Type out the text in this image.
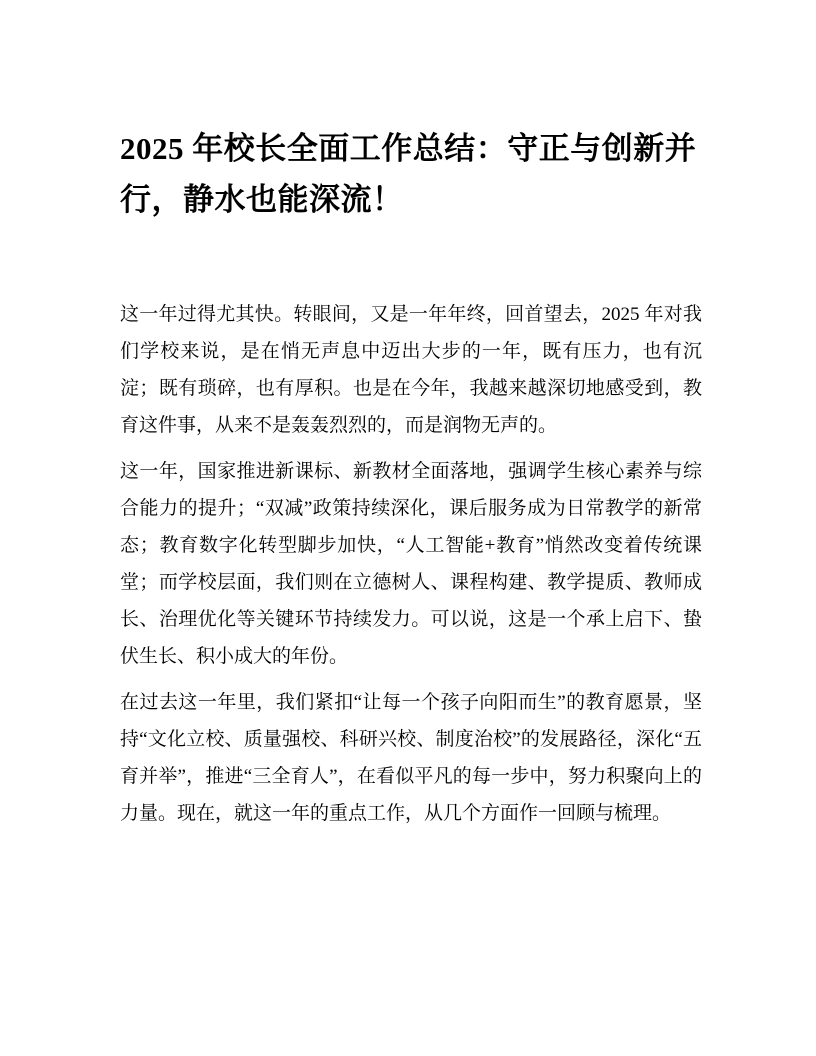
2025 年校长全面工作总结：守正与创新并行，静水也能深流！

这一年过得尤其快。转眼间，又是一年年终，回首望去，2025 年对我们学校来说，是在悄无声息中迈出大步的一年，既有压力，也有沉淀；既有琐碎，也有厚积。也是在今年，我越来越深切地感受到，教育这件事，从来不是轰轰烈烈的，而是润物无声的。

这一年，国家推进新课标、新教材全面落地，强调学生核心素养与综合能力的提升；“双减”政策持续深化，课后服务成为日常教学的新常态；教育数字化转型脚步加快，“人工智能+教育”悄然改变着传统课堂；而学校层面，我们则在立德树人、课程构建、教学提质、教师成长、治理优化等关键环节持续发力。可以说，这是一个承上启下、蛰伏生长、积小成大的年份。

在过去这一年里，我们紧扣“让每一个孩子向阳而生”的教育愿景，坚持“文化立校、质量强校、科研兴校、制度治校”的发展路径，深化“五育并举”，推进“三全育人”，在看似平凡的每一步中，努力积聚向上的力量。现在，就这一年的重点工作，从几个方面作一回顾与梳理。
